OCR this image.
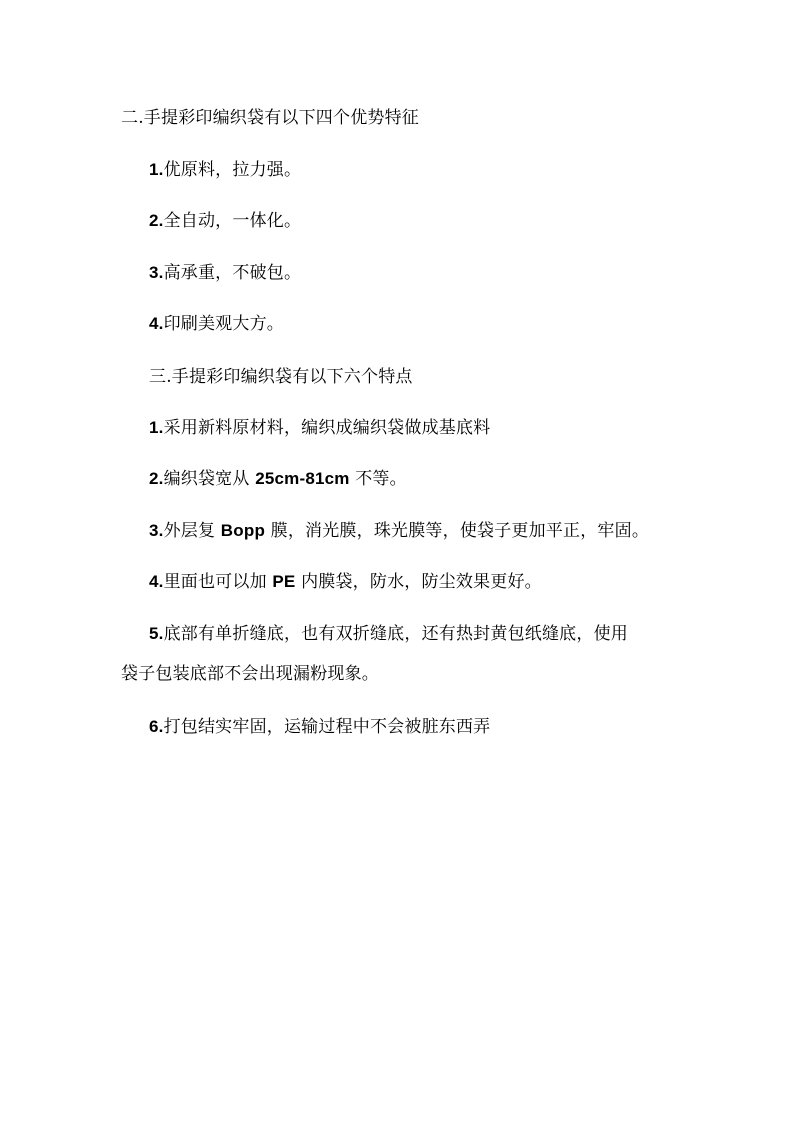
二.手提彩印编织袋有以下四个优势特征
1.优原料，拉力强。
2.全自动，一体化。
3.高承重，不破包。
4.印刷美观大方。
三.手提彩印编织袋有以下六个特点
1.采用新料原材料，编织成编织袋做成基底料
2.编织袋宽从 25cm-81cm 不等。
3.外层复 Bopp 膜，消光膜，珠光膜等，使袋子更加平正，牢固。
4.里面也可以加 PE 内膜袋，防水，防尘效果更好。
5.底部有单折缝底，也有双折缝底，还有热封黄包纸缝底，使用
袋子包装底部不会出现漏粉现象。
6.打包结实牢固，运输过程中不会被脏东西弄
